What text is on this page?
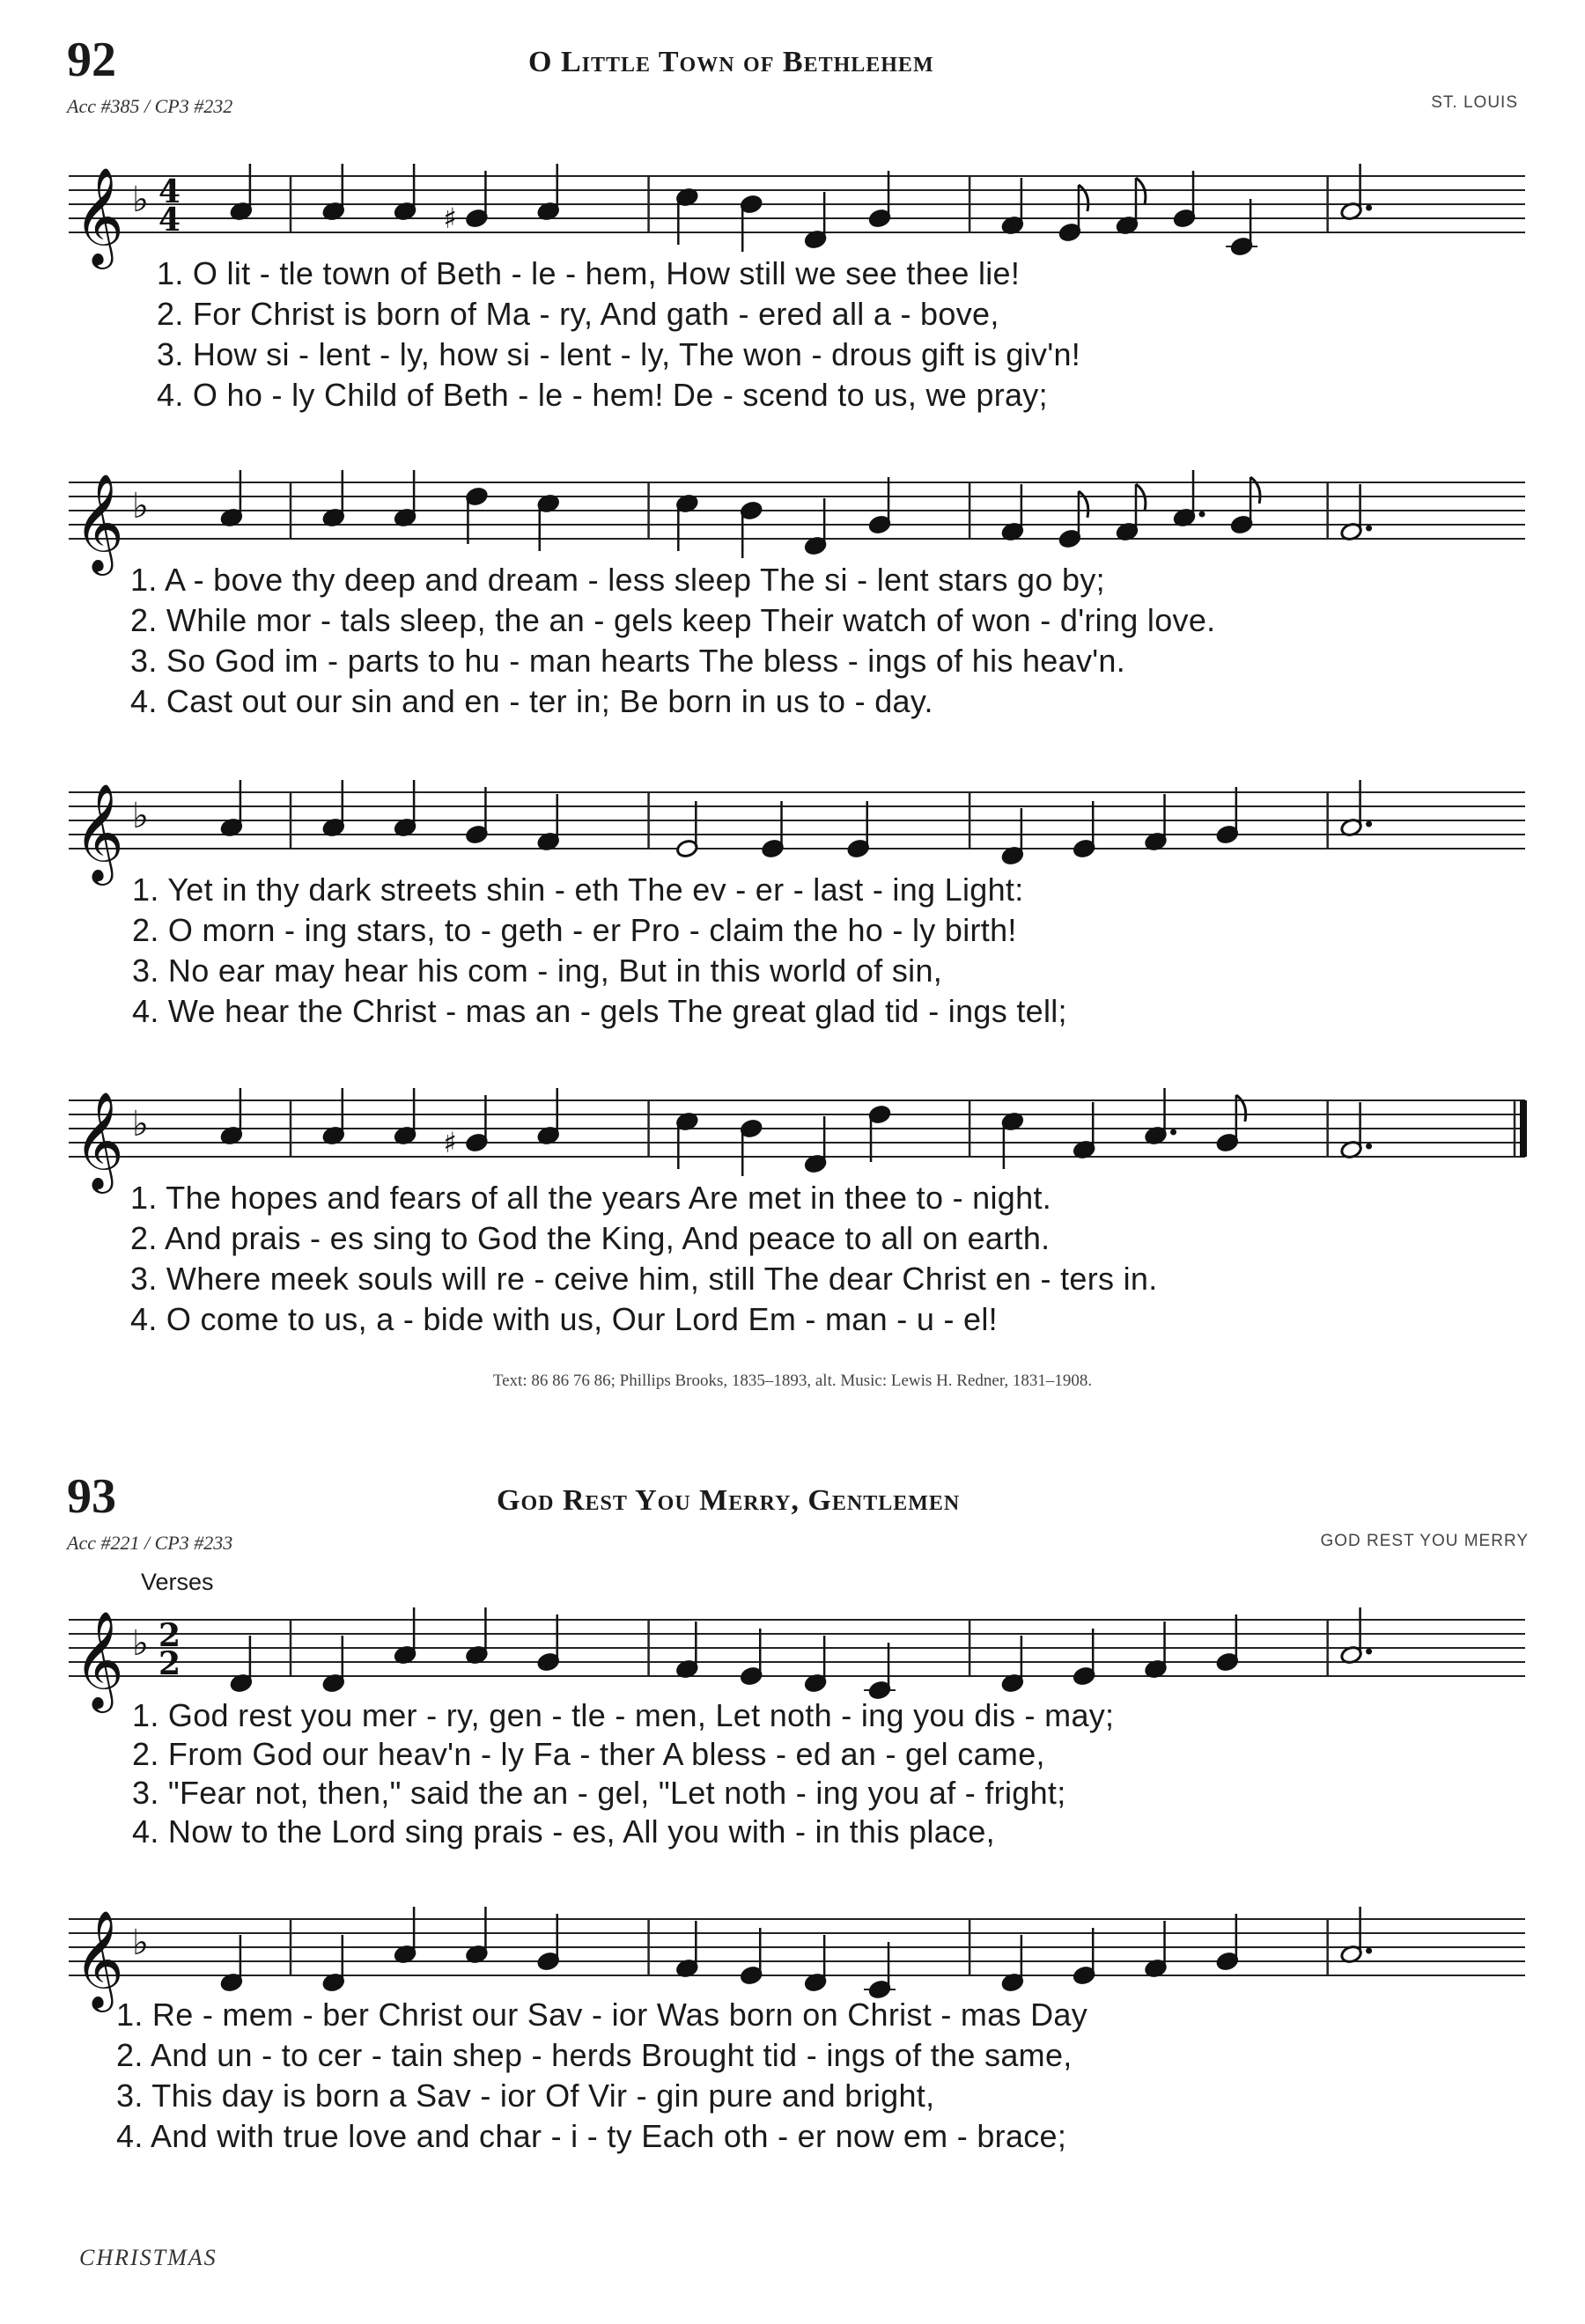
92	O Little Town of Bethlehem
Acc #385 / CP3 #232	ST. LOUIS
𝄞 ♭ 4
4	♯
1. O lit - tle town of Beth - le - hem, How still we see thee lie!
2. For Christ is born of Ma - ry, And gath - ered all a - bove,
3. How si - lent - ly, how si - lent - ly, The won - drous gift is giv'n!
4. O ho - ly Child of Beth - le - hem! De - scend to us, we pray;
𝄞 ♭
1. A - bove thy deep and dream - less sleep The si - lent stars go by;
2. While mor - tals sleep, the an - gels keep Their watch of won - d'ring love.
3. So God im - parts to hu - man hearts The bless - ings of his heav'n.
4. Cast out our sin and en - ter in; Be born in us to - day.
𝄞 ♭
1. Yet in thy dark streets shin - eth The ev - er - last - ing Light:
2. O morn - ing stars, to - geth - er Pro - claim the ho - ly birth!
3. No ear may hear his com - ing, But in this world of sin,
4. We hear the Christ - mas an - gels The great glad tid - ings tell;
𝄞 ♭	♯
1. The hopes and fears of all the years Are met in thee to - night.
2. And prais - es sing to God the King, And peace to all on earth.
3. Where meek souls will re - ceive him, still The dear Christ en - ters in.
4. O come to us, a - bide with us, Our Lord Em - man - u - el!
Text: 86 86 76 86; Phillips Brooks, 1835–1893, alt. Music: Lewis H. Redner, 1831–1908.
93	God Rest You Merry, Gentlemen
Acc #221 / CP3 #233	GOD REST YOU MERRY
Verses
𝄞 ♭ 2
2
1. God rest you mer - ry, gen - tle - men, Let noth - ing you dis - may;
2. From God our heav'n - ly Fa - ther A bless - ed an - gel came,
3. "Fear not, then," said the an - gel, "Let noth - ing you af - fright;
4. Now to the Lord sing prais - es, All you with - in this place,
𝄞 ♭
1. Re - mem - ber Christ our Sav - ior Was born on Christ - mas Day
2. And un - to cer - tain shep - herds Brought tid - ings of the same,
3. This day is born a Sav - ior Of Vir - gin pure and bright,
4. And with true love and char - i - ty Each oth - er now em - brace;
CHRISTMAS
